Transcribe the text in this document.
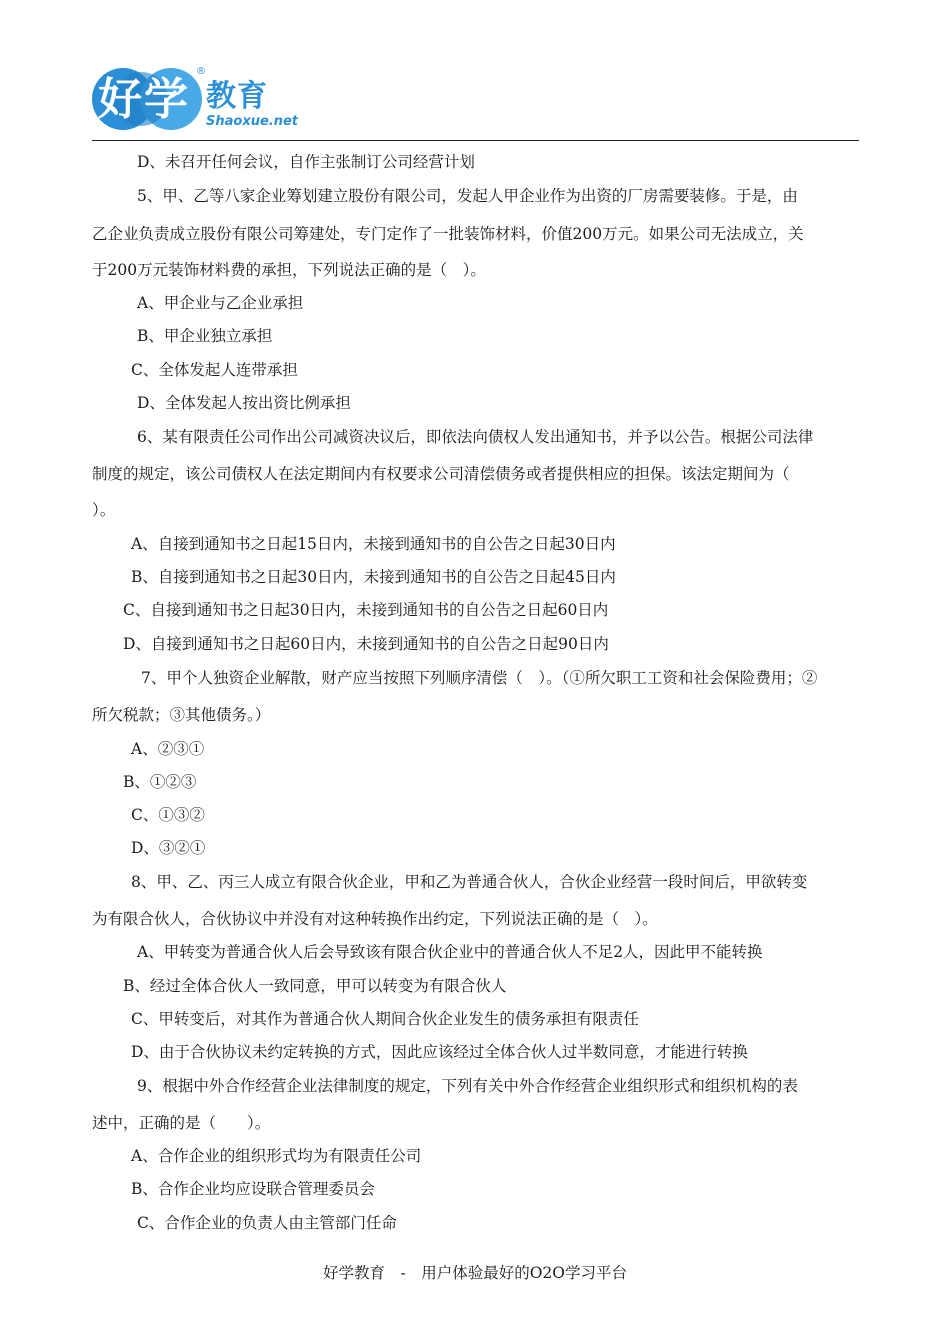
好学
®
教育
Shaoxue.net
D、未召开任何会议，自作主张制订公司经营计划
5、甲、乙等八家企业筹划建立股份有限公司，发起人甲企业作为出资的厂房需要装修。于是，由
乙企业负责成立股份有限公司筹建处，专门定作了一批装饰材料，价值200万元。如果公司无法成立，关
于200万元装饰材料费的承担，下列说法正确的是（　）。
A、甲企业与乙企业承担
B、甲企业独立承担
C、全体发起人连带承担
D、全体发起人按出资比例承担
6、某有限责任公司作出公司减资决议后，即依法向债权人发出通知书，并予以公告。根据公司法律
制度的规定，该公司债权人在法定期间内有权要求公司清偿债务或者提供相应的担保。该法定期间为（
）。
A、自接到通知书之日起15日内，未接到通知书的自公告之日起30日内
B、自接到通知书之日起30日内，未接到通知书的自公告之日起45日内
C、自接到通知书之日起30日内，未接到通知书的自公告之日起60日内
D、自接到通知书之日起60日内，未接到通知书的自公告之日起90日内
7、甲个人独资企业解散，财产应当按照下列顺序清偿（　）。（①所欠职工工资和社会保险费用；②
所欠税款；③其他债务。）
A、②③①
B、①②③
C、①③②
D、③②①
8、甲、乙、丙三人成立有限合伙企业，甲和乙为普通合伙人，合伙企业经营一段时间后，甲欲转变
为有限合伙人，合伙协议中并没有对这种转换作出约定，下列说法正确的是（　）。
A、甲转变为普通合伙人后会导致该有限合伙企业中的普通合伙人不足2人，因此甲不能转换
B、经过全体合伙人一致同意，甲可以转变为有限合伙人
C、甲转变后，对其作为普通合伙人期间合伙企业发生的债务承担有限责任
D、由于合伙协议未约定转换的方式，因此应该经过全体合伙人过半数同意，才能进行转换
9、根据中外合作经营企业法律制度的规定，下列有关中外合作经营企业组织形式和组织机构的表
述中，正确的是（　　）。
A、合作企业的组织形式均为有限责任公司
B、合作企业均应设联合管理委员会
C、合作企业的负责人由主管部门任命
好学教育　-　用户体验最好的O2O学习平台
